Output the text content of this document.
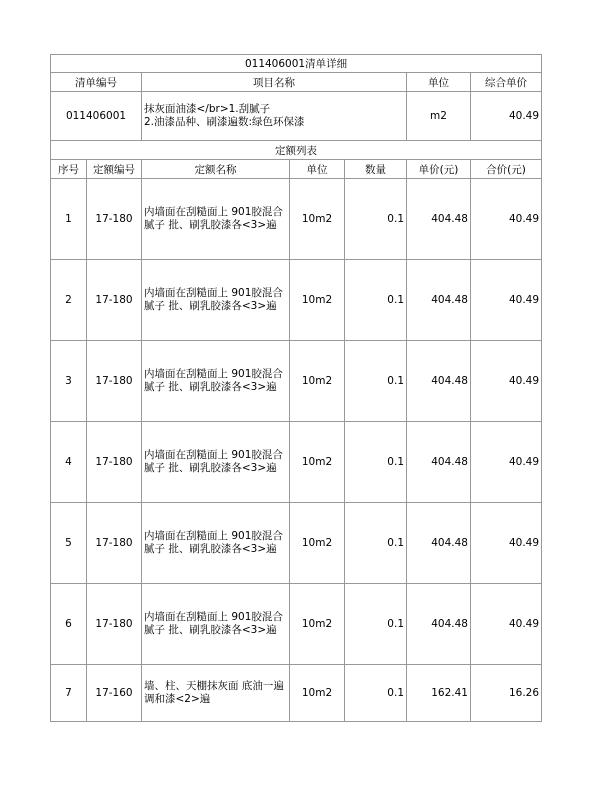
011406001清单详细						
清单编号		项目名称			单位	综合单价
011406001		抹灰面油漆</br>1.刮腻子
2.油漆品种、刷漆遍数:绿色环保漆			m2	40.49
定额列表						
序号	定额编号	定额名称	单位	数量	单价(元)	合价(元)
1	17-180	内墙面在刮糙面上 901胶混合腻子 批、刷乳胶漆各<3>遍	10m2	0.1	404.48	40.49
2	17-180	内墙面在刮糙面上 901胶混合腻子 批、刷乳胶漆各<3>遍	10m2	0.1	404.48	40.49
3	17-180	内墙面在刮糙面上 901胶混合腻子 批、刷乳胶漆各<3>遍	10m2	0.1	404.48	40.49
4	17-180	内墙面在刮糙面上 901胶混合腻子 批、刷乳胶漆各<3>遍	10m2	0.1	404.48	40.49
5	17-180	内墙面在刮糙面上 901胶混合腻子 批、刷乳胶漆各<3>遍	10m2	0.1	404.48	40.49
6	17-180	内墙面在刮糙面上 901胶混合腻子 批、刷乳胶漆各<3>遍	10m2	0.1	404.48	40.49
7	17-160	墙、柱、天棚抹灰面 底油一遍调和漆<2>遍	10m2	0.1	162.41	16.26
